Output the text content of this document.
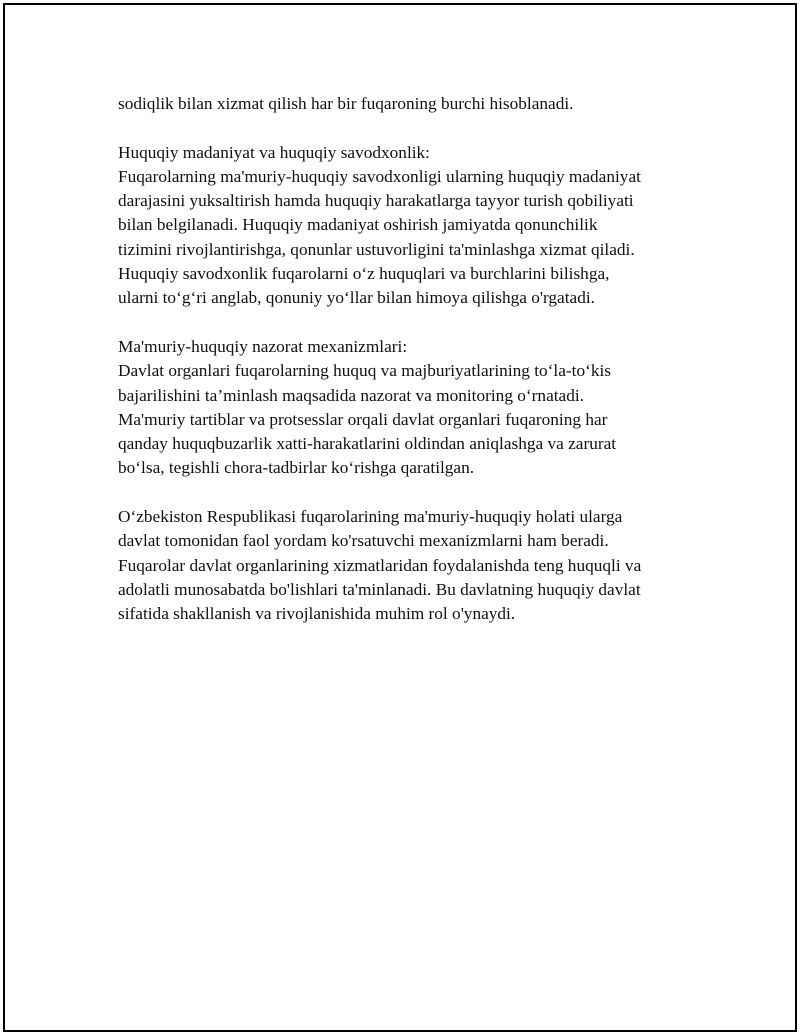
sodiqlik bilan xizmat qilish har bir fuqaroning burchi hisoblanadi.
Huquqiy madaniyat va huquqiy savodxonlik:
Fuqarolarning ma'muriy-huquqiy savodxonligi ularning huquqiy madaniyat
darajasini yuksaltirish hamda huquqiy harakatlarga tayyor turish qobiliyati
bilan belgilanadi. Huquqiy madaniyat oshirish jamiyatda qonunchilik
tizimini rivojlantirishga, qonunlar ustuvorligini ta'minlashga xizmat qiladi.
Huquqiy savodxonlik fuqarolarni o‘z huquqlari va burchlarini bilishga,
ularni to‘g‘ri anglab, qonuniy yo‘llar bilan himoya qilishga o'rgatadi.
Ma'muriy-huquqiy nazorat mexanizmlari:
Davlat organlari fuqarolarning huquq va majburiyatlarining to‘la-to‘kis
bajarilishini ta’minlash maqsadida nazorat va monitoring o‘rnatadi.
Ma'muriy tartiblar va protsesslar orqali davlat organlari fuqaroning har
qanday huquqbuzarlik xatti-harakatlarini oldindan aniqlashga va zarurat
bo‘lsa, tegishli chora-tadbirlar ko‘rishga qaratilgan.
O‘zbekiston Respublikasi fuqarolarining ma'muriy-huquqiy holati ularga
davlat tomonidan faol yordam ko'rsatuvchi mexanizmlarni ham beradi.
Fuqarolar davlat organlarining xizmatlaridan foydalanishda teng huquqli va
adolatli munosabatda bo'lishlari ta'minlanadi. Bu davlatning huquqiy davlat
sifatida shakllanish va rivojlanishida muhim rol o'ynaydi.
